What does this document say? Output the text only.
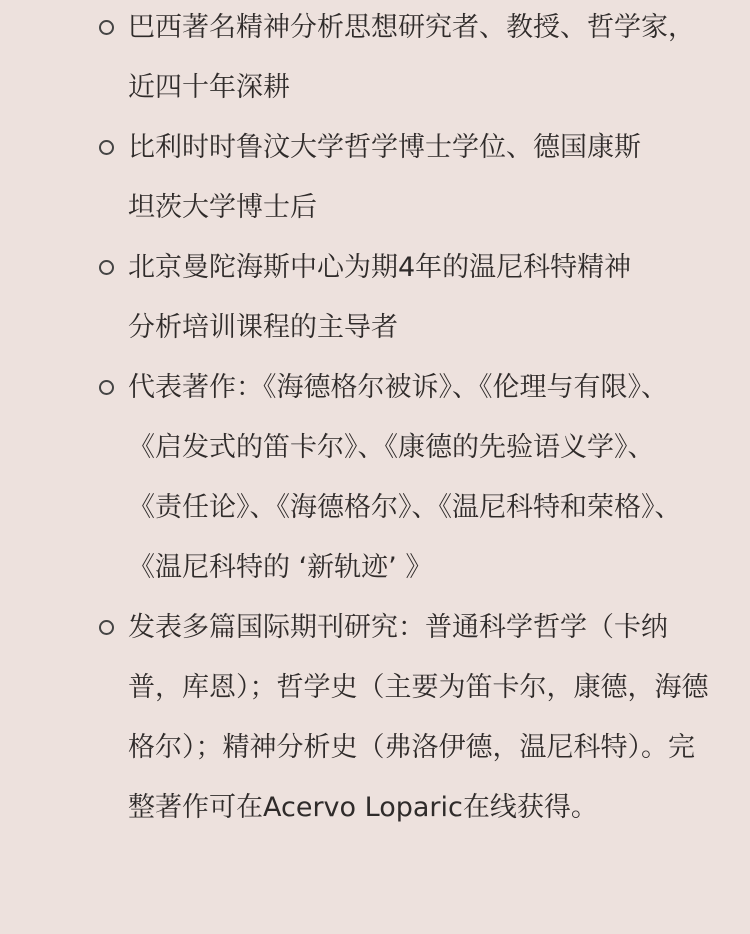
巴西著名精神分析思想研究者、教授、哲学家，
近四十年深耕
比利时时鲁汶大学哲学博士学位、德国康斯
坦茨大学博士后
北京曼陀海斯中心为期4年的温尼科特精神
分析培训课程的主导者
代表著作：《海德格尔被诉》、《伦理与有限》、
《启发式的笛卡尔》、《康德的先验语义学》、
《责任论》、《海德格尔》、《温尼科特和荣格》、
《温尼科特的 ‘新轨迹’ 》
发表多篇国际期刊研究：普通科学哲学（卡纳
普，库恩）；哲学史（主要为笛卡尔，康德，海德
格尔）；精神分析史（弗洛伊德，温尼科特）。完
整著作可在Acervo Loparic在线获得。
